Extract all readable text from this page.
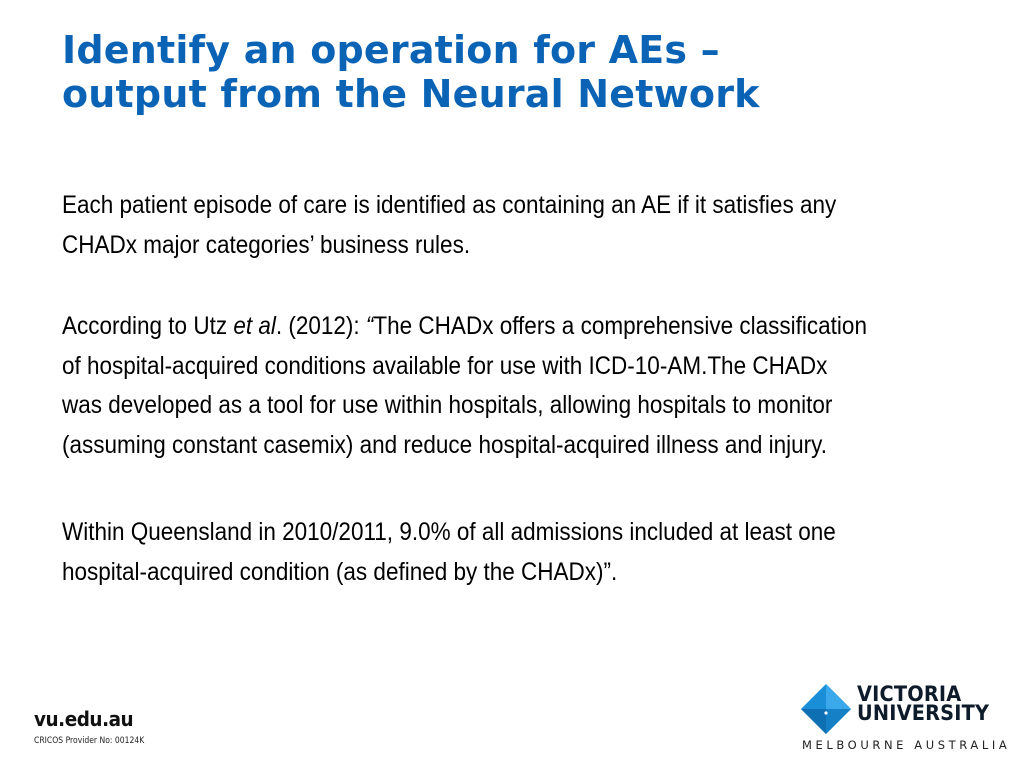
Identify an operation for AEs –
output from the Neural Network

Each patient episode of care is identified as containing an AE if it satisfies any CHADx major categories’ business rules.

According to Utz et al. (2012): “The CHADx offers a comprehensive classification of hospital-acquired conditions available for use with ICD-10-AM.The CHADx was developed as a tool for use within hospitals, allowing hospitals to monitor (assuming constant casemix) and reduce hospital-acquired illness and injury.

Within Queensland in 2010/2011, 9.0% of all admissions included at least one hospital-acquired condition (as defined by the CHADx)”.

vu.edu.au
CRICOS Provider No: 00124K
VICTORIA
UNIVERSITY
MELBOURNE AUSTRALIA
